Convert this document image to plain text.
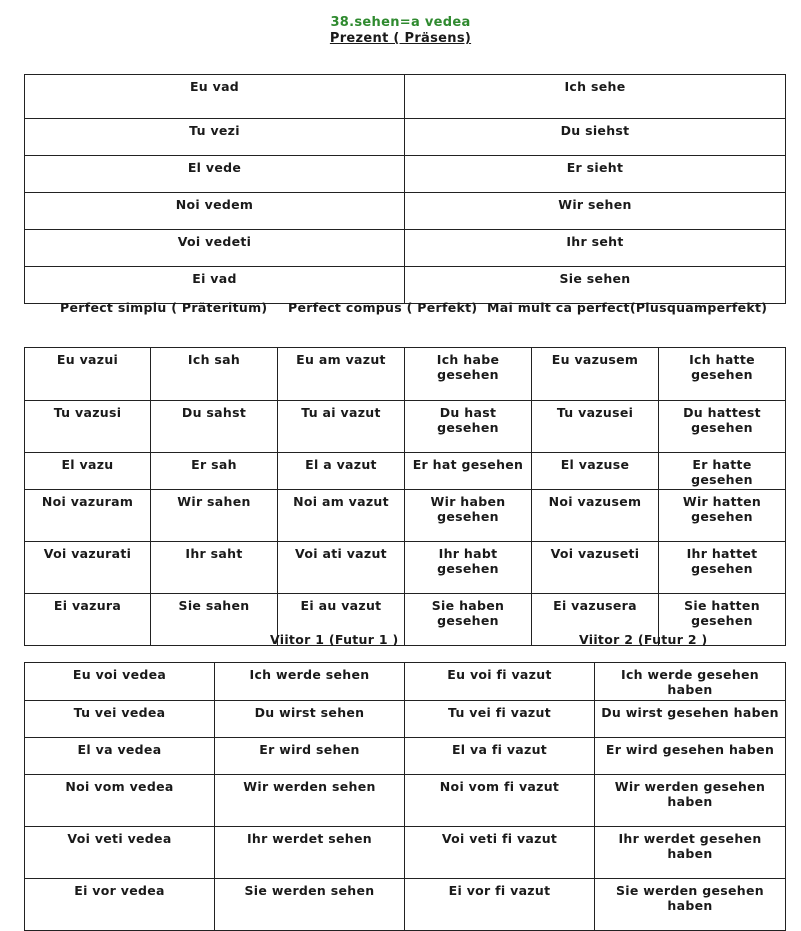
38.sehen=a vedea
Prezent ( Präsens)
Eu vad	Ich sehe
Tu vezi	Du siehst
El vede	Er sieht
Noi vedem	Wir sehen
Voi vedeti	Ihr seht
Ei vad	Sie sehen
Perfect simplu ( Präteritum) Perfect compus ( Perfekt) Mai mult ca perfect(Plusquamperfekt)
Eu vazui	Ich sah	Eu am vazut	Ich habe gesehen	Eu vazusem	Ich hatte gesehen
Tu vazusi	Du sahst	Tu ai vazut	Du hast gesehen	Tu vazusei	Du hattest gesehen
El vazu	Er sah	El a vazut	Er hat gesehen	El vazuse	Er hatte gesehen
Noi vazuram	Wir sahen	Noi am vazut	Wir haben gesehen	Noi vazusem	Wir hatten gesehen
Voi vazurati	Ihr saht	Voi ati vazut	Ihr habt gesehen	Voi vazuseti	Ihr hattet gesehen
Ei vazura	Sie sahen	Ei au vazut	Sie haben gesehen	Ei vazusera	Sie hatten gesehen
Viitor 1 (Futur 1 )	Viitor 2 (Futur 2 )
Eu voi vedea	Ich werde sehen	Eu voi fi vazut	Ich werde gesehen haben
Tu vei vedea	Du wirst sehen	Tu vei fi vazut	Du wirst gesehen haben
El va vedea	Er wird sehen	El va fi vazut	Er wird gesehen haben
Noi vom vedea	Wir werden sehen	Noi vom fi vazut	Wir werden gesehen haben
Voi veti vedea	Ihr werdet sehen	Voi veti fi vazut	Ihr werdet gesehen haben
Ei vor vedea	Sie werden sehen	Ei vor fi vazut	Sie werden gesehen haben
